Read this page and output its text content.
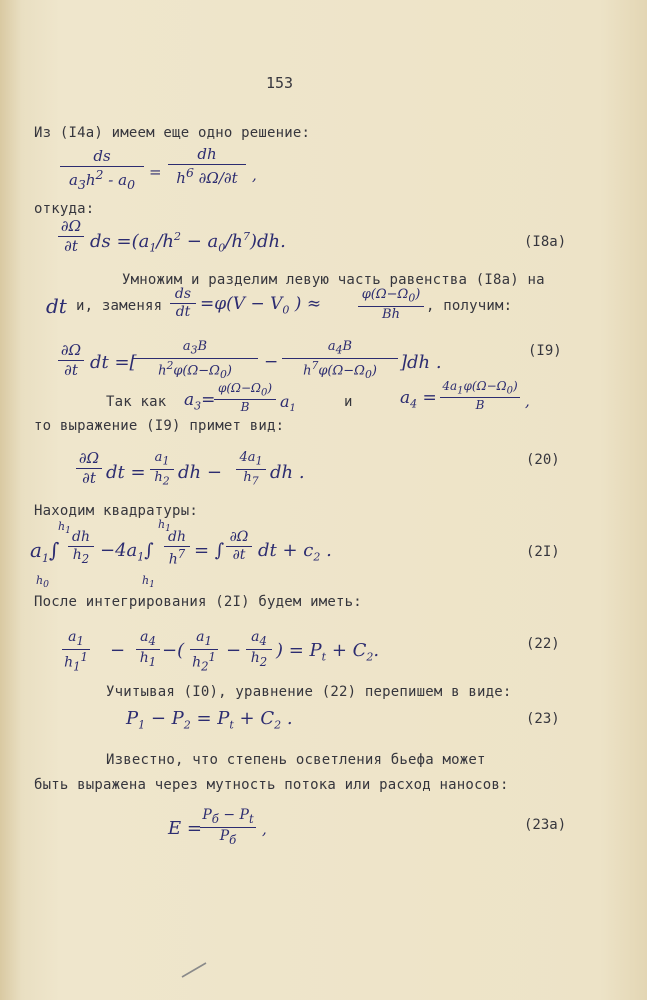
153
Из (I4а) имеем еще одно решение:
ds
$a_3h^2 - a_0$
=
dh
$h^6$ ∂Ω/∂t ,
откуда:
∂Ω
∂t ds $=(a_1/h^2 - a_0/h^7)dh$.	(I8а)
Умножим и разделим левую часть равенства (I8а) на
dt и, заменяя
ds
dt $=\varphi(V - V_0$ ) ≈	$\varphi(\Omega-\Omega_0)$
Bh	, получим:
∂Ω
∂t dt =[
$a_3B$
$h^2\varphi(\Omega-\Omega_0)$	−
$a_4B$
$h^7\varphi(\Omega-\Omega_0)$	]dh .
(I9)
Так как $a_3=$
$\varphi(\Omega-\Omega_0)$
B	$a_1$	и	$a_4$ =
$4a_1\varphi(\Omega-\Omega_0)$
B	,
то выражение (I9) примет вид:
∂Ω
∂t dt =
$a_1$
$h_2$ dh −
$4a_1$
$h_7$ dh .
(20)
Находим квадратуры:
$a_1\int$
$h_1$
$h_0$
dh
$h_2 -4a_1\int$
$h_1$
$h_1$
dh
$h^7$ = ∫
∂Ω
∂t dt + $c_2$ .	(2I)
После интегрирования (2I) будем иметь:
$a_1$
$h_1^1$ −
$a_4$
$h_1$
−(
$a_1$
$h_2^1$ −
$a_4$
$h_2$
) = $P_t + C_2$.	(22)
Учитывая (I0), уравнение (22) перепишем в виде:
$P_1 - P_2 = P_t + C_2$ .	(23)
Известно, что степень осветления бьефа может
быть выражена через мутность потока или расход наносов:
E =
$P_б - P_t$
$P_б$
,	(23а)
